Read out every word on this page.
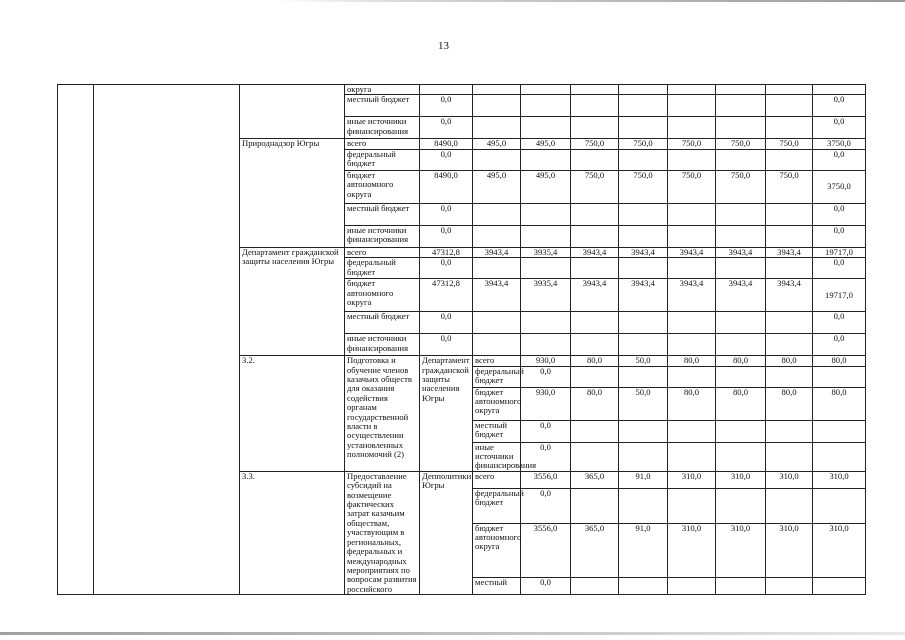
13
			округа										
			местный бюджет	0,0								0,0	
			иные источники финансирования	0,0								0,0	
		Природнадзор Югры	всего	8490,0	495,0	495,0	750,0	750,0	750,0	750,0	750,0	3750,0	
			федеральный бюджет	0,0								0,0	
			бюджет автономного округа	8490,0	495,0	495,0	750,0	750,0	750,0	750,0	750,0	3750,0	
			местный бюджет	0,0								0,0	
			иные источники финансирования	0,0								0,0	
		Департамент гражданской защиты населения Югры	всего	47312,8	3943,4	3935,4	3943,4	3943,4	3943,4	3943,4	3943,4	19717,0	
			федеральный бюджет	0,0								0,0	
			бюджет автономного округа	47312,8	3943,4	3935,4	3943,4	3943,4	3943,4	3943,4	3943,4	19717,0	
			местный бюджет	0,0								0,0	
			иные источники финансирования	0,0								0,0	
		3.2.	Подготовка и обучение членов казачьих обществ для оказания содействия органам государственной власти в осуществлении установленных полномочий (2)	Департамент гражданской защиты населения Югры	всего	930,0	80,0	50,0	80,0	80,0	80,0	80,0		
					федеральный бюджет	0,0								
					бюджет автономного округа	930,0	80,0	50,0	80,0	80,0	80,0	80,0		
					местный бюджет	0,0								
					иные источники финансирования	0,0								
		3.3.	Предоставление субсидий на возмещение фактических затрат казачьим обществам, участвующим в региональных, федеральных и международных мероприятиях по вопросам развития российского	Депполитики Югры	всего	3556,0	365,0	91,0	310,0	310,0	310,0	310,0		
					федеральный бюджет	0,0								
					бюджет автономного округа	3556,0	365,0	91,0	310,0	310,0	310,0	310,0		
					местный	0,0								
